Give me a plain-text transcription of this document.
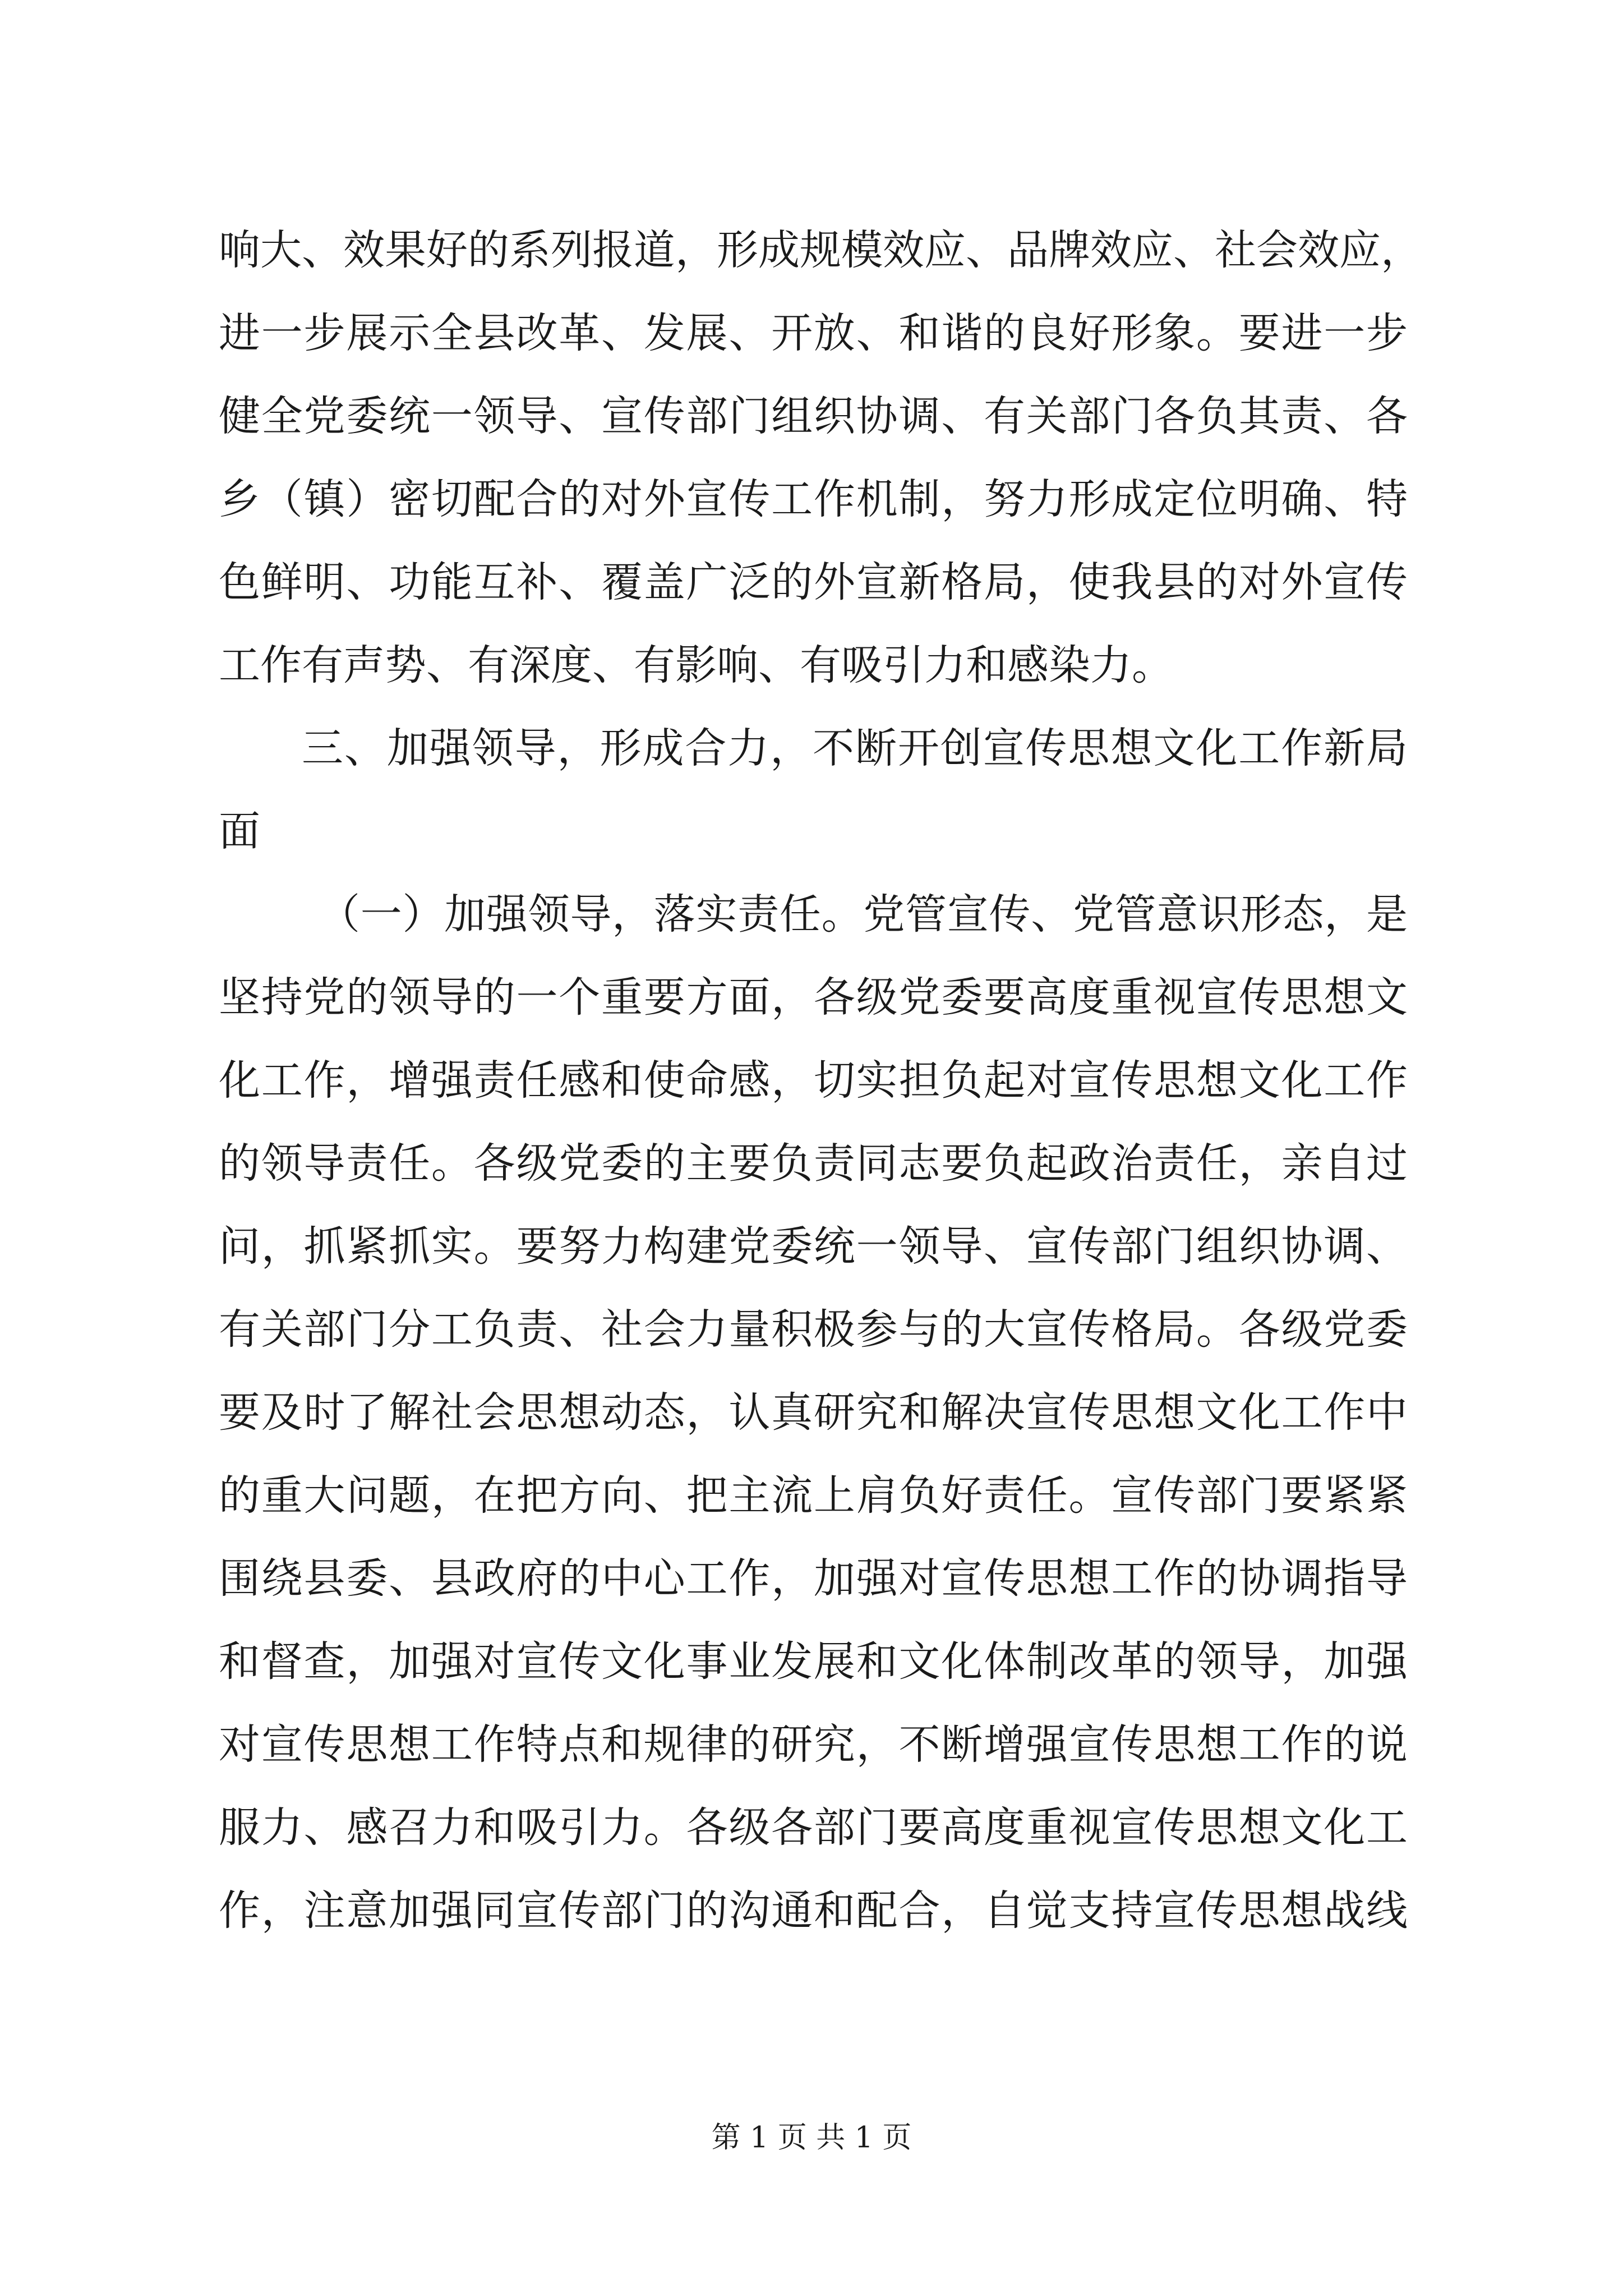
响大、效果好的系列报道，形成规模效应、品牌效应、社会效应，
进一步展示全县改革、发展、开放、和谐的良好形象。要进一步
健全党委统一领导、宣传部门组织协调、有关部门各负其责、各
乡（镇）密切配合的对外宣传工作机制，努力形成定位明确、特
色鲜明、功能互补、覆盖广泛的外宣新格局，使我县的对外宣传
工作有声势、有深度、有影响、有吸引力和感染力。
三、加强领导，形成合力，不断开创宣传思想文化工作新局
面
（一）加强领导，落实责任。党管宣传、党管意识形态，是
坚持党的领导的一个重要方面，各级党委要高度重视宣传思想文
化工作，增强责任感和使命感，切实担负起对宣传思想文化工作
的领导责任。各级党委的主要负责同志要负起政治责任，亲自过
问，抓紧抓实。要努力构建党委统一领导、宣传部门组织协调、
有关部门分工负责、社会力量积极参与的大宣传格局。各级党委
要及时了解社会思想动态，认真研究和解决宣传思想文化工作中
的重大问题，在把方向、把主流上肩负好责任。宣传部门要紧紧
围绕县委、县政府的中心工作，加强对宣传思想工作的协调指导
和督查，加强对宣传文化事业发展和文化体制改革的领导，加强
对宣传思想工作特点和规律的研究，不断增强宣传思想工作的说
服力、感召力和吸引力。各级各部门要高度重视宣传思想文化工
作，注意加强同宣传部门的沟通和配合，自觉支持宣传思想战线
第 1 页 共 1 页
